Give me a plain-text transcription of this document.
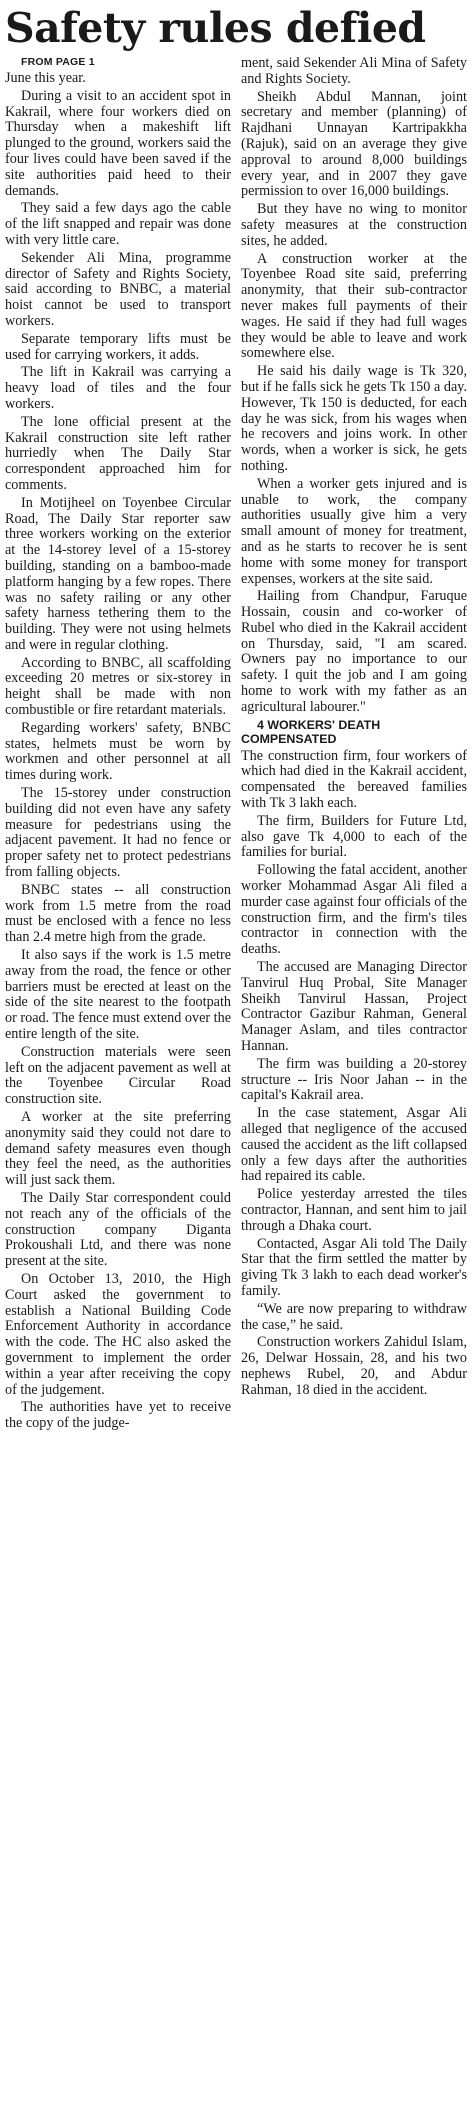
Safety rules defied

FROM PAGE 1

June this year.

During a visit to an accident spot in Kakrail, where four workers died on Thursday when a makeshift lift plunged to the ground, workers said the four lives could have been saved if the site authorities paid heed to their demands.

They said a few days ago the cable of the lift snapped and repair was done with very little care.

Sekender Ali Mina, programme director of Safety and Rights Society, said according to BNBC, a material hoist cannot be used to transport workers.

Separate temporary lifts must be used for carrying workers, it adds.

The lift in Kakrail was carrying a heavy load of tiles and the four workers.

The lone official present at the Kakrail construction site left rather hurriedly when The Daily Star correspondent approached him for comments.

In Motijheel on Toyenbee Circular Road, The Daily Star reporter saw three workers working on the exterior at the 14-storey level of a 15-storey building, standing on a bamboo-made platform hanging by a few ropes. There was no safety railing or any other safety harness tethering them to the building. They were not using helmets and were in regular clothing.

According to BNBC, all scaffolding exceeding 20 metres or six-storey in height shall be made with non combustible or fire retardant materials.

Regarding workers' safety, BNBC states, helmets must be worn by workmen and other personnel at all times during work.

The 15-storey under construction building did not even have any safety measure for pedestrians using the adjacent pavement. It had no fence or proper safety net to protect pedestrians from falling objects.

BNBC states -- all construction work from 1.5 metre from the road must be enclosed with a fence no less than 2.4 metre high from the grade.

It also says if the work is 1.5 metre away from the road, the fence or other barriers must be erected at least on the side of the site nearest to the footpath or road. The fence must extend over the entire length of the site.

Construction materials were seen left on the adjacent pavement as well at the Toyenbee Circular Road construction site.

A worker at the site preferring anonymity said they could not dare to demand safety measures even though they feel the need, as the authorities will just sack them.

The Daily Star correspondent could not reach any of the officials of the construction company Diganta Prokoushali Ltd, and there was none present at the site.

On October 13, 2010, the High Court asked the government to establish a National Building Code Enforcement Authority in accordance with the code. The HC also asked the government to implement the order within a year after receiving the copy of the judgement.

The authorities have yet to receive the copy of the judge-

ment, said Sekender Ali Mina of Safety and Rights Society.

Sheikh Abdul Mannan, joint secretary and member (planning) of Rajdhani Unnayan Kartripakkha (Rajuk), said on an average they give approval to around 8,000 buildings every year, and in 2007 they gave permission to over 16,000 buildings.

But they have no wing to monitor safety measures at the construction sites, he added.

A construction worker at the Toyenbee Road site said, preferring anonymity, that their sub-contractor never makes full payments of their wages. He said if they had full wages they would be able to leave and work somewhere else.

He said his daily wage is Tk 320, but if he falls sick he gets Tk 150 a day. However, Tk 150 is deducted, for each day he was sick, from his wages when he recovers and joins work. In other words, when a worker is sick, he gets nothing.

When a worker gets injured and is unable to work, the company authorities usually give him a very small amount of money for treatment, and as he starts to recover he is sent home with some money for transport expenses, workers at the site said.

Hailing from Chandpur, Faruque Hossain, cousin and co-worker of Rubel who died in the Kakrail accident on Thursday, said, "I am scared. Owners pay no importance to our safety. I quit the job and I am going home to work with my father as an agricultural labourer."

4 WORKERS' DEATH COMPENSATED

The construction firm, four workers of which had died in the Kakrail accident, compensated the bereaved families with Tk 3 lakh each.

The firm, Builders for Future Ltd, also gave Tk 4,000 to each of the families for burial.

Following the fatal accident, another worker Mohammad Asgar Ali filed a murder case against four officials of the construction firm, and the firm's tiles contractor in connection with the deaths.

The accused are Managing Director Tanvirul Huq Probal, Site Manager Sheikh Tanvirul Hassan, Project Contractor Gazibur Rahman, General Manager Aslam, and tiles contractor Hannan.

The firm was building a 20-storey structure -- Iris Noor Jahan -- in the capital's Kakrail area.

In the case statement, Asgar Ali alleged that negligence of the accused caused the accident as the lift collapsed only a few days after the authorities had repaired its cable.

Police yesterday arrested the tiles contractor, Hannan, and sent him to jail through a Dhaka court.

Contacted, Asgar Ali told The Daily Star that the firm settled the matter by giving Tk 3 lakh to each dead worker's family.

“We are now preparing to withdraw the case,” he said.

Construction workers Zahidul Islam, 26, Delwar Hossain, 28, and his two nephews Rubel, 20, and Abdur Rahman, 18 died in the accident.
